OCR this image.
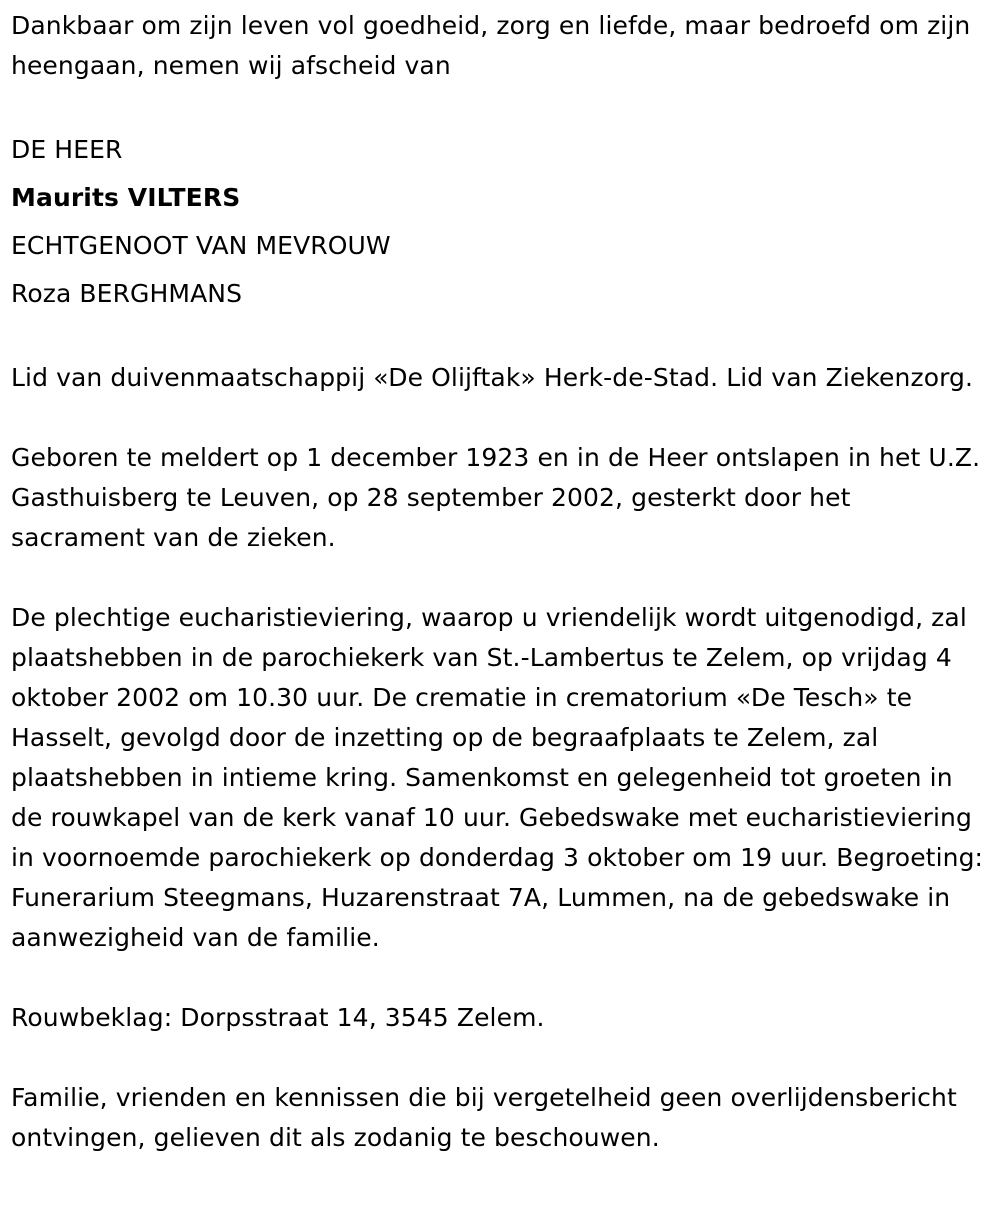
Dankbaar om zijn leven vol goedheid, zorg en liefde, maar bedroefd om zijn heengaan, nemen wij afscheid van

DE HEER

Maurits VILTERS

ECHTGENOOT VAN MEVROUW

Roza BERGHMANS

Lid van duivenmaatschappij «De Olijftak» Herk-de-Stad. Lid van Ziekenzorg.

Geboren te meldert op 1 december 1923 en in de Heer ontslapen in het U.Z. Gasthuisberg te Leuven, op 28 september 2002, gesterkt door het sacrament van de zieken.

De plechtige eucharistieviering, waarop u vriendelijk wordt uitgenodigd, zal plaatshebben in de parochiekerk van St.-Lambertus te Zelem, op vrijdag 4 oktober 2002 om 10.30 uur. De crematie in crematorium «De Tesch» te Hasselt, gevolgd door de inzetting op de begraafplaats te Zelem, zal plaatshebben in intieme kring. Samenkomst en gelegenheid tot groeten in de rouwkapel van de kerk vanaf 10 uur. Gebedswake met eucharistieviering in voornoemde parochiekerk op donderdag 3 oktober om 19 uur. Begroeting: Funerarium Steegmans, Huzarenstraat 7A, Lummen, na de gebedswake in aanwezigheid van de familie.

Rouwbeklag: Dorpsstraat 14, 3545 Zelem.

Familie, vrienden en kennissen die bij vergetelheid geen overlijdensbericht ontvingen, gelieven dit als zodanig te beschouwen.
